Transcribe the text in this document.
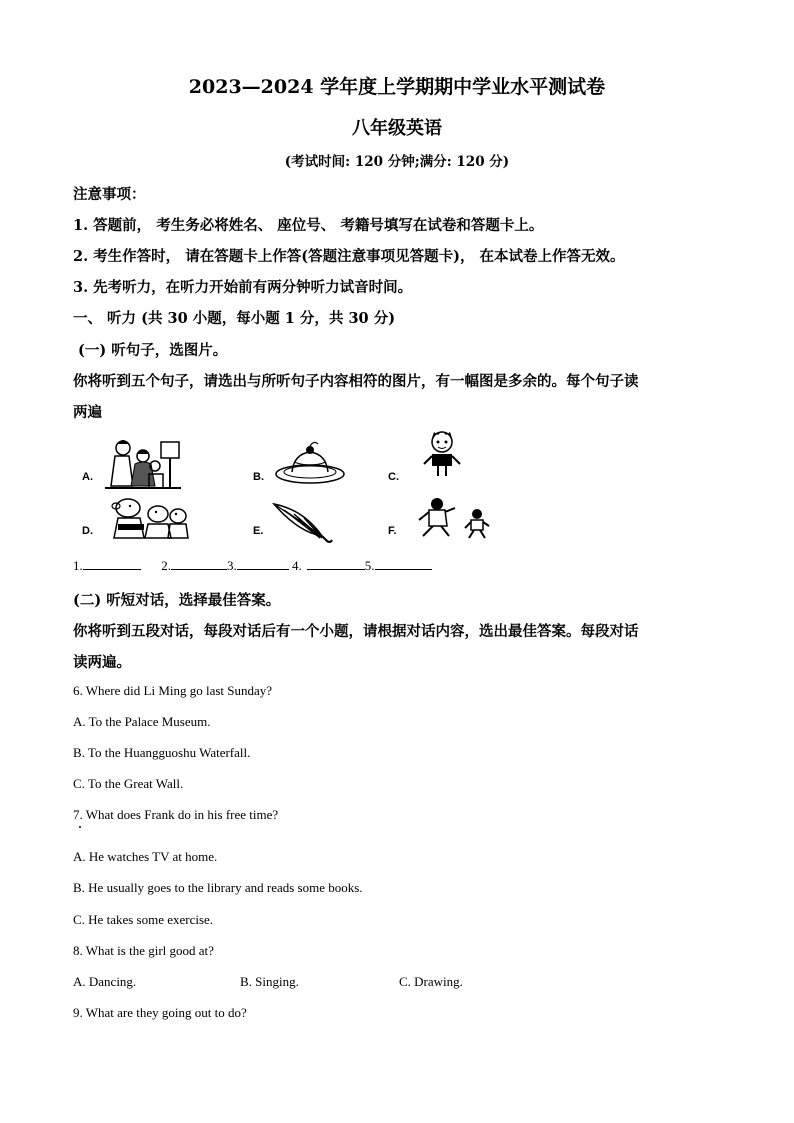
2023—2024 学年度上学期期中学业水平测试卷
八年级英语
(考试时间: 120 分钟;满分: 120 分)
注意事项：
1. 答题前， 考生务必将姓名、 座位号、 考籍号填写在试卷和答题卡上。
2. 考生作答时， 请在答题卡上作答(答题注意事项见答题卡)， 在本试卷上作答无效。
3. 先考听力，在听力开始前有两分钟听力试音时间。
一、 听力 (共 30 小题，每小题 1 分，共 30 分)
(一) 听句子，选图片。
你将听到五个句子，请选出与所听句子内容相符的图片，有一幅图是多余的。每个句子读
两遍
A.	B.	C.
D.	E.	F.
1.	2.	3.	4.	5.
(二) 听短对话，选择最佳答案。
你将听到五段对话，每段对话后有一个小题，请根据对话内容，选出最佳答案。每段对话
读两遍。
6. Where did Li Ming go last Sunday?
A. To the Palace Museum.
B. To the Huangguoshu Waterfall.
C. To the Great Wall.
7. What does Frank do in his free time?
A. He watches TV at home.
B. He usually goes to the library and reads some books.
C. He takes some exercise.
8. What is the girl good at?
A. Dancing.	B. Singing.	C. Drawing.
9. What are they going out to do?
